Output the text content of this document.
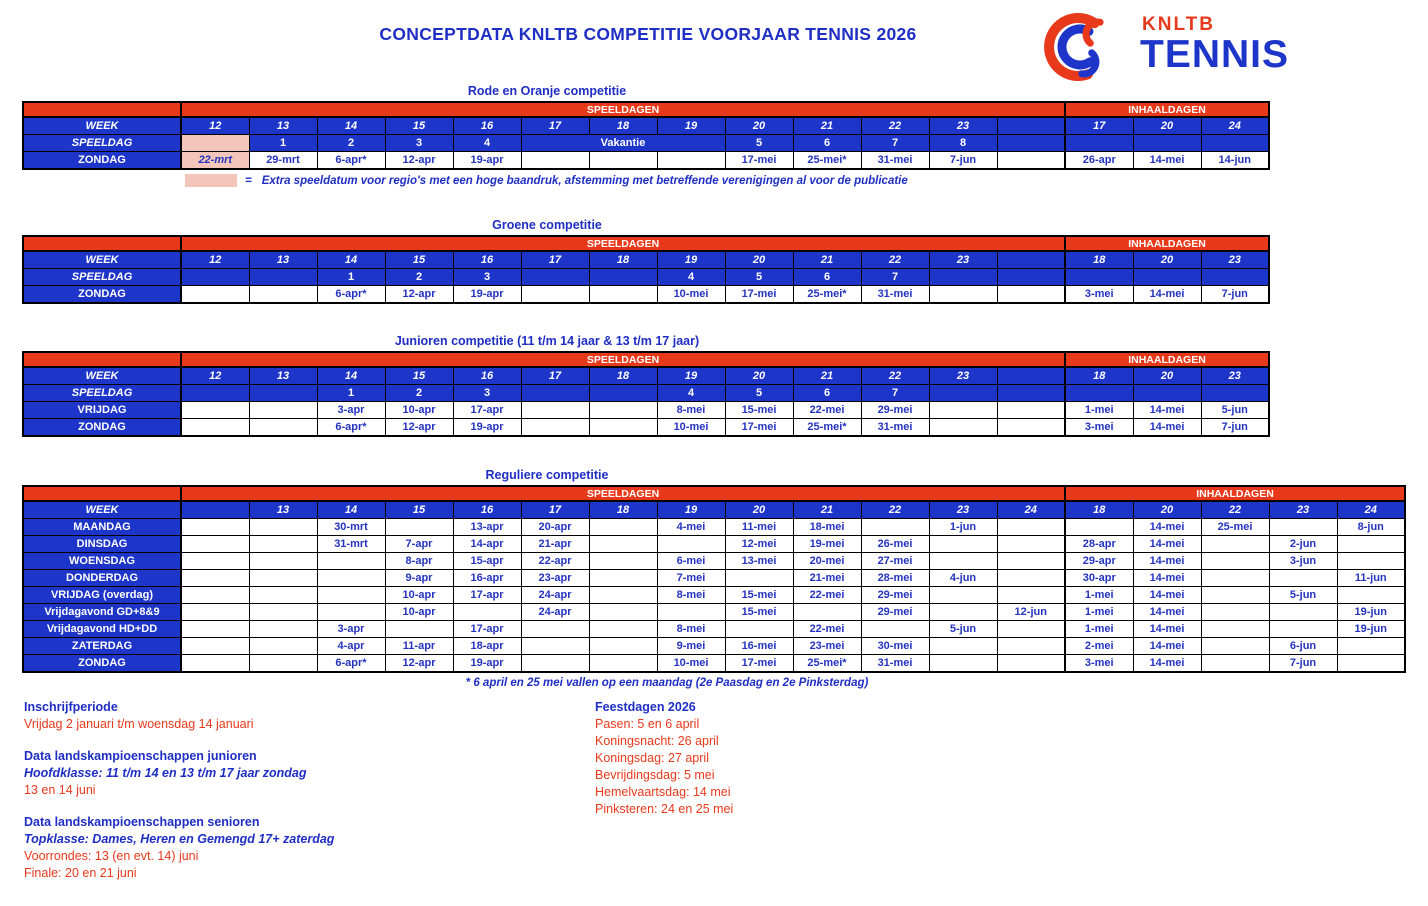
CONCEPTDATA KNLTB COMPETITIE VOORJAAR TENNIS 2026	KNLTB
TENNIS
Rode en Oranje competitie
	SPEELDAGEN													INHAALDAGEN		
WEEK	12	13	14	15	16	17	18	19	20	21	22	23		17	20	24
SPEELDAG		1	2	3	4	Vakantie			5	6	7	8				
ZONDAG	22-mrt	29-mrt	6-apr*	12-apr	19-apr				17-mei	25-mei*	31-mei	7-jun		26-apr	14-mei	14-jun
= Extra speeldatum voor regio's met een hoge baandruk, afstemming met betreffende verenigingen al voor de publicatie
Groene competitie
	SPEELDAGEN													INHAALDAGEN		
WEEK	12	13	14	15	16	17	18	19	20	21	22	23		18	20	23
SPEELDAG			1	2	3			4	5	6	7					
ZONDAG			6-apr*	12-apr	19-apr			10-mei	17-mei	25-mei*	31-mei			3-mei	14-mei	7-jun
Junioren competitie (11 t/m 14 jaar & 13 t/m 17 jaar)
	SPEELDAGEN													INHAALDAGEN		
WEEK	12	13	14	15	16	17	18	19	20	21	22	23		18	20	23
SPEELDAG			1	2	3			4	5	6	7					
VRIJDAG			3-apr	10-apr	17-apr			8-mei	15-mei	22-mei	29-mei			1-mei	14-mei	5-jun
ZONDAG			6-apr*	12-apr	19-apr			10-mei	17-mei	25-mei*	31-mei			3-mei	14-mei	7-jun
Reguliere competitie
	SPEELDAGEN													INHAALDAGEN				
WEEK		13	14	15	16	17	18	19	20	21	22	23	24	18	20	22	23	24
MAANDAG			30-mrt		13-apr	20-apr		4-mei	11-mei	18-mei		1-jun			14-mei	25-mei		8-jun
DINSDAG			31-mrt	7-apr	14-apr	21-apr			12-mei	19-mei	26-mei			28-apr	14-mei		2-jun	
WOENSDAG				8-apr	15-apr	22-apr		6-mei	13-mei	20-mei	27-mei			29-apr	14-mei		3-jun	
DONDERDAG				9-apr	16-apr	23-apr		7-mei		21-mei	28-mei	4-jun		30-apr	14-mei			11-jun
VRIJDAG (overdag)				10-apr	17-apr	24-apr		8-mei	15-mei	22-mei	29-mei			1-mei	14-mei		5-jun	
Vrijdagavond GD+8&9				10-apr		24-apr			15-mei		29-mei		12-jun	1-mei	14-mei			19-jun
Vrijdagavond HD+DD			3-apr		17-apr			8-mei		22-mei		5-jun		1-mei	14-mei			19-jun
ZATERDAG			4-apr	11-apr	18-apr			9-mei	16-mei	23-mei	30-mei			2-mei	14-mei		6-jun	
ZONDAG			6-apr*	12-apr	19-apr			10-mei	17-mei	25-mei*	31-mei			3-mei	14-mei		7-jun	
* 6 april en 25 mei vallen op een maandag (2e Paasdag en 2e Pinksterdag)
Inschrijfperiode
Vrijdag 2 januari t/m woensdag 14 januari
Data landskampioenschappen junioren
Hoofdklasse: 11 t/m 14 en 13 t/m 17 jaar zondag
13 en 14 juni
Data landskampioenschappen senioren
Topklasse: Dames, Heren en Gemengd 17+ zaterdag
Voorrondes: 13 (en evt. 14) juni
Finale: 20 en 21 juni
Feestdagen 2026
Pasen: 5 en 6 april
Koningsnacht: 26 april
Koningsdag: 27 april
Bevrijdingsdag: 5 mei
Hemelvaartsdag: 14 mei
Pinksteren: 24 en 25 mei
